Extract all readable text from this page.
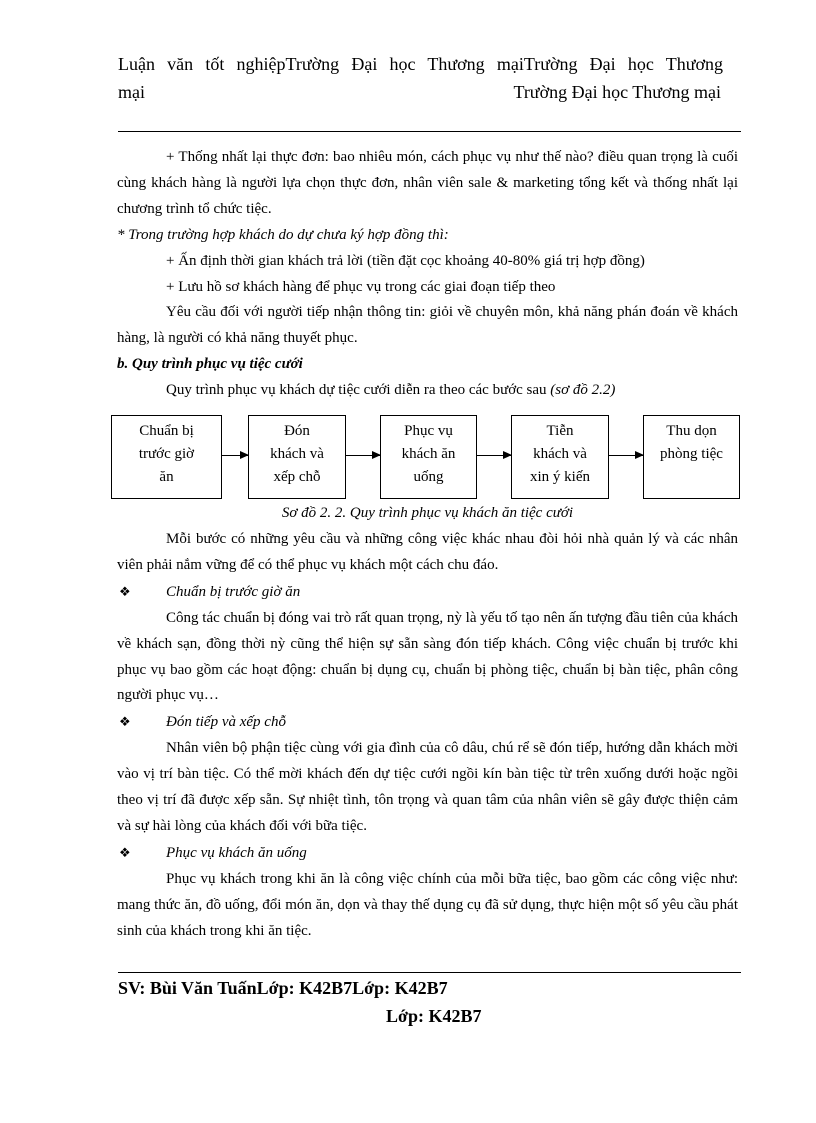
Luận văn tốt nghiệpTrường Đại học Thương mạiTrường Đại học Thương
mại	Trường Đại học Thương mại

+ Thống nhất lại thực đơn: bao nhiêu món, cách phục vụ như thế nào? điều quan trọng là cuối cùng khách hàng là người lựa chọn thực đơn, nhân viên sale & marketing tổng kết và thống nhất lại chương trình tổ chức tiệc.

* Trong trường hợp khách do dự chưa ký hợp đồng thì:

+ Ấn định thời gian khách trả lời (tiền đặt cọc khoảng 40-80% giá trị hợp đồng)

+ Lưu hồ sơ khách hàng để phục vụ trong các giai đoạn tiếp theo

Yêu cầu đối với người tiếp nhận thông tin: giỏi về chuyên môn, khả năng phán đoán về khách hàng, là người có khả năng thuyết phục.

b. Quy trình phục vụ tiệc cưới

Quy trình phục vụ khách dự tiệc cưới diễn ra theo các bước sau (sơ đồ 2.2)

Chuẩn bị
trước giờ
ăn
Đón
khách và
xếp chỗ
Phục vụ
khách ăn
uống
Tiễn
khách và
xin ý kiến
Thu dọn
phòng tiệc

Sơ đồ 2. 2. Quy trình phục vụ khách ăn tiệc cưới

Mỗi bước có những yêu cầu và những công việc khác nhau đòi hỏi nhà quản lý và các nhân viên phải nắm vững để có thể phục vụ khách một cách chu đáo.

❖	Chuẩn bị trước giờ ăn

Công tác chuẩn bị đóng vai trò rất quan trọng, nỳ là yếu tố tạo nên ấn tượng đầu tiên của khách về khách sạn, đồng thời nỳ cũng thể hiện sự sẵn sàng đón tiếp khách. Công việc chuẩn bị trước khi phục vụ bao gồm các hoạt động: chuẩn bị dụng cụ, chuẩn bị phòng tiệc, chuẩn bị bàn tiệc, phân công người phục vụ…

❖	Đón tiếp và xếp chỗ

Nhân viên bộ phận tiệc cùng với gia đình của cô dâu, chú rể sẽ đón tiếp, hướng dẫn khách mời vào vị trí bàn tiệc. Có thể mời khách đến dự tiệc cưới ngồi kín bàn tiệc từ trên xuống dưới hoặc ngồi theo vị trí đã được xếp sẵn. Sự nhiệt tình, tôn trọng và quan tâm của nhân viên sẽ gây được thiện cảm và sự hài lòng của khách đối với bữa tiệc.

❖	Phục vụ khách ăn uống

Phục vụ khách trong khi ăn là công việc chính của mỗi bữa tiệc, bao gồm các công việc như: mang thức ăn, đồ uống, đổi món ăn, dọn và thay thế dụng cụ đã sử dụng, thực hiện một số yêu cầu phát sinh của khách trong khi ăn tiệc.

SV: Bùi Văn TuấnLớp: K42B7Lớp: K42B7
Lớp: K42B7
